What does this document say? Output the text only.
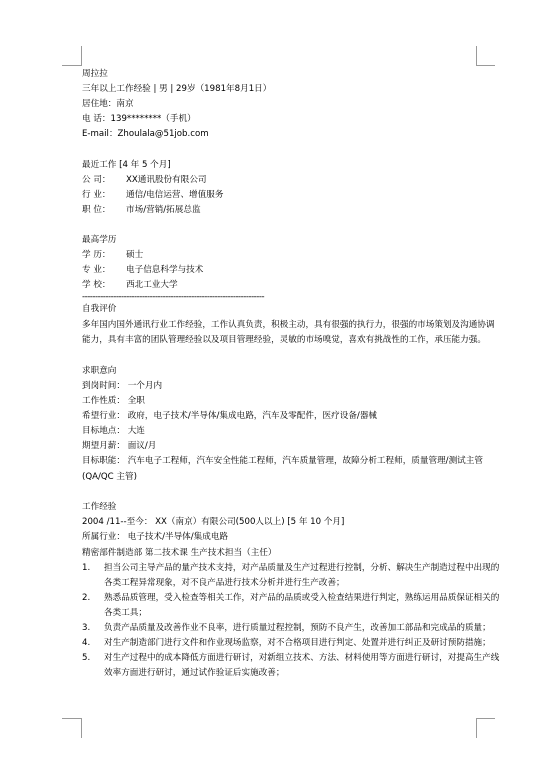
周拉拉
三年以上工作经验 | 男 | 29岁（1981年8月1日）
居住地：南京
电 话：139********（手机）
E-mail：Zhoulala@51job.com
最近工作 [4 年 5 个月]
公 司： XX通讯股份有限公司
行 业： 通信/电信运营、增值服务
职 位： 市场/营销/拓展总监
最高学历
学 历： 硕士
专 业： 电子信息科学与技术
学 校： 西北工业大学
----------------------------------------------------------------------
自我评价
多年国内国外通讯行业工作经验，工作认真负责，积极主动，具有很强的执行力，很强的市场策划及沟通协调能力，具有丰富的团队管理经验以及项目管理经验，灵敏的市场嗅觉，喜欢有挑战性的工作，承压能力强。
求职意向
到岗时间： 一个月内
工作性质： 全职
希望行业： 政府，电子技术/半导体/集成电路，汽车及零配件，医疗设备/器械
目标地点： 大连
期望月薪： 面议/月
目标职能： 汽车电子工程师，汽车安全性能工程师，汽车质量管理，故障分析工程师，质量管理/测试主管(QA/QC 主管)
工作经验
2004 /11--至今： XX（南京）有限公司(500人以上) [5 年 10 个月]
所属行业： 电子技术/半导体/集成电路
精密部件制造部 第二技术课 生产技术担当（主任）
1. 担当公司主导产品的量产技术支持，对产品质量及生产过程进行控制，分析、解决生产制造过程中出现的各类工程异常现象，对不良产品进行技术分析并进行生产改善；
2. 熟悉品质管理，受入检查等相关工作，对产品的品质或受入检查结果进行判定，熟练运用品质保证相关的各类工具；
3. 负责产品质量及改善作业不良率，进行质量过程控制，预防不良产生，改善加工部品和完成品的质量；
4. 对生产制造部门进行文件和作业现场监察，对不合格项目进行判定、处置并进行纠正及研讨预防措施；
5. 对生产过程中的成本降低方面进行研讨，对新组立技术、方法、材料使用等方面进行研讨，对提高生产线效率方面进行研讨，通过试作验证后实施改善；
